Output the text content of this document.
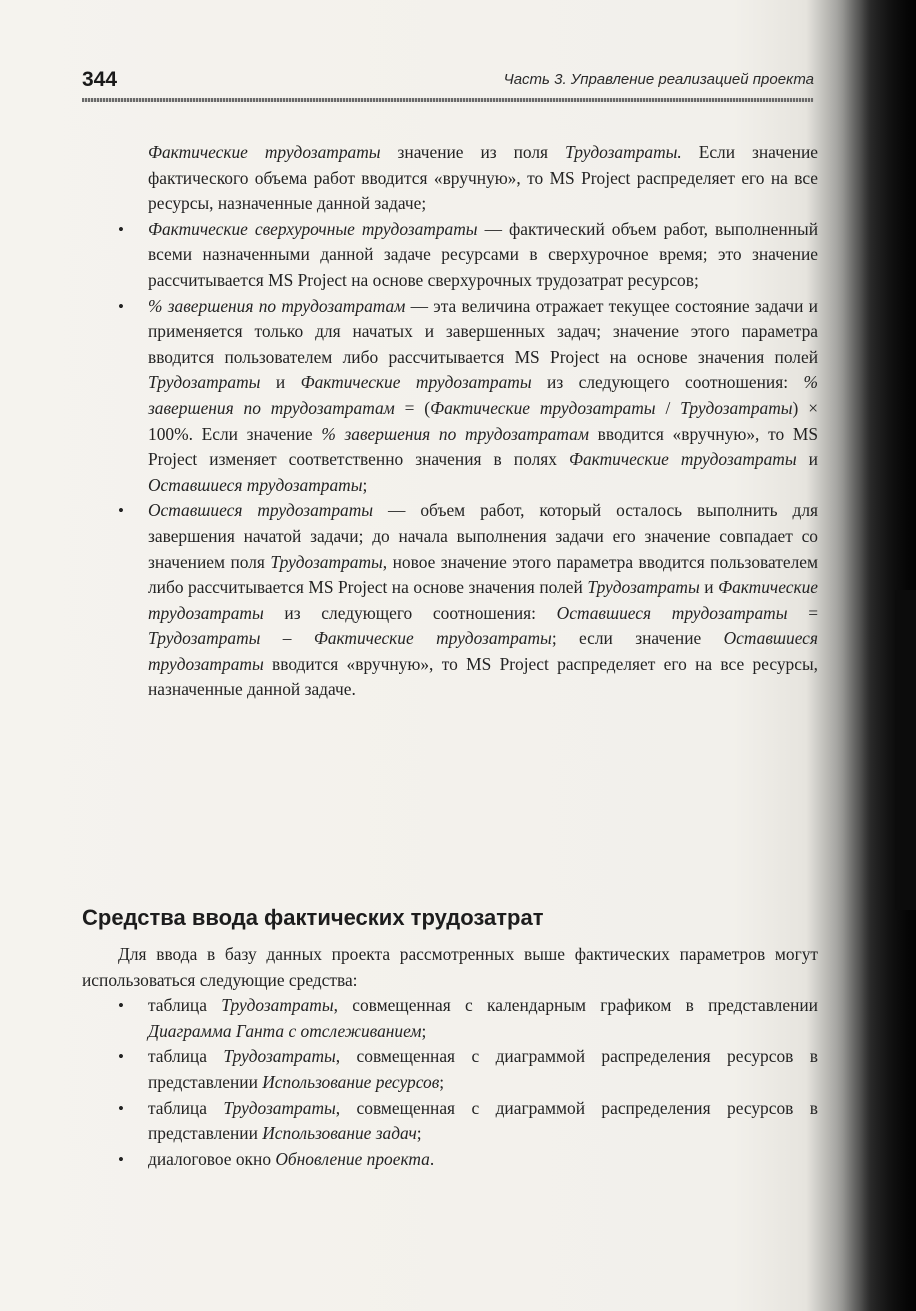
344	Часть 3. Управление реализацией проекта

Фактические трудозатраты значение из поля Трудозатраты. Если значение фактического объема работ вводится «вручную», то MS Project распределяет его на все ресурсы, назначенные данной задаче;

• Фактические сверхурочные трудозатраты — фактический объем работ, выполненный всеми назначенными данной задаче ресурсами в сверхурочное время; это значение рассчитывается MS Project на основе сверхурочных трудозатрат ресурсов;
• % завершения по трудозатратам — эта величина отражает текущее состояние задачи и применяется только для начатых и завершенных задач; значение этого параметра вводится пользователем либо рассчитывается MS Project на основе значения полей Трудозатраты и Фактические трудозатраты из следующего соотношения: % завершения по трудозатратам = (Фактические трудозатраты / Трудозатраты) × 100%. Если значение % завершения по трудозатратам вводится «вручную», то MS Project изменяет соответственно значения в полях Фактические трудозатраты и Оставшиеся трудозатраты;
• Оставшиеся трудозатраты — объем работ, который осталось выполнить для завершения начатой задачи; до начала выполнения задачи его значение совпадает со значением поля Трудозатраты, новое значение этого параметра вводится пользователем либо рассчитывается MS Project на основе значения полей Трудозатраты и Фактические трудозатраты из следующего соотношения: Оставшиеся трудозатраты = Трудозатраты – Фактические трудозатраты; если значение Оставшиеся трудозатраты вводится «вручную», то MS Project распределяет его на все ресурсы, назначенные данной задаче.
Средства ввода фактических трудозатрат

Для ввода в базу данных проекта рассмотренных выше фактических параметров могут использоваться следующие средства:

• таблица Трудозатраты, совмещенная с календарным графиком в представлении Диаграмма Ганта с отслеживанием;
• таблица Трудозатраты, совмещенная с диаграммой распределения ресурсов в представлении Использование ресурсов;
• таблица Трудозатраты, совмещенная с диаграммой распределения ресурсов в представлении Использование задач;
• диалоговое окно Обновление проекта.
